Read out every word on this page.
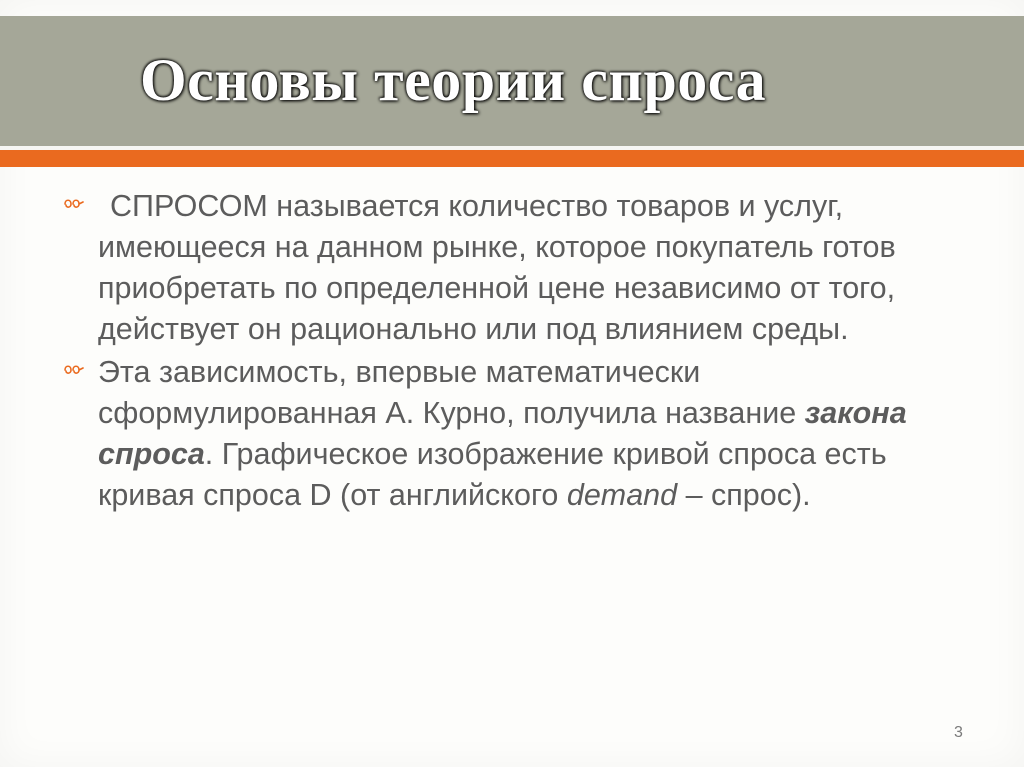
Основы теории спроса

СПРОСОМ называется количество товаров и услуг, имеющееся на данном рынке, которое покупатель готов приобретать по определенной цене независимо от того, действует он рационально или под влиянием среды.

Эта зависимость, впервые математически сформулированная А. Курно, получила название закона спроса. Графическое изображение кривой спроса есть кривая спроса D (от английского demand – спрос).

3
